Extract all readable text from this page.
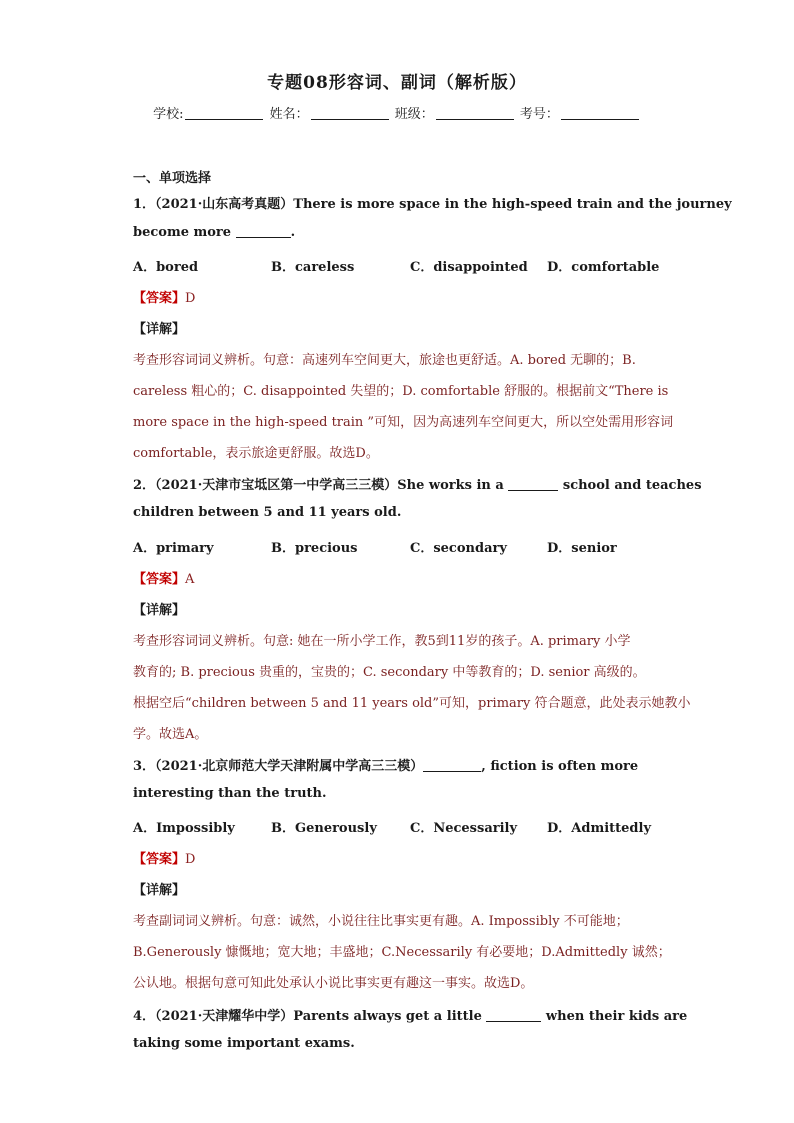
专题08形容词、副词（解析版）
学校:	姓名：	班级：	考号：
一、单项选择
1．（2021·山东高考真题）There is more space in the high-speed train and the journey
become more	.
A．bored	B．careless	C．disappointed D．comfortable
【答案】D
【详解】
考查形容词词义辨析。句意：高速列车空间更大，旅途也更舒适。A. bored 无聊的；B.
careless 粗心的；C. disappointed 失望的；D. comfortable 舒服的。根据前文“There is
more space in the high-speed train ”可知，因为高速列车空间更大，所以空处需用形容词
comfortable，表示旅途更舒服。故选D。
2．（2021·天津市宝坻区第一中学高三三模）She works in a	school and teaches
children between 5 and 11 years old.
A．primary	B．precious	C．secondary	D．senior
【答案】A
【详解】
考查形容词词义辨析。句意: 她在一所小学工作，教5到11岁的孩子。A. primary 小学
教育的; B. precious 贵重的，宝贵的；C. secondary 中等教育的；D. senior 高级的。
根据空后“children between 5 and 11 years old”可知，primary 符合题意，此处表示她教小
学。故选A。
3．（2021·北京师范大学天津附属中学高三三模）	, fiction is often more
interesting than the truth.
A．Impossibly	B．Generously	C．Necessarily D．Admittedly
【答案】D
【详解】
考查副词词义辨析。句意：诚然，小说往往比事实更有趣。A. Impossibly 不可能地；
B.Generously 慷慨地；宽大地；丰盛地；C.Necessarily 有必要地；D.Admittedly 诚然；
公认地。根据句意可知此处承认小说比事实更有趣这一事实。故选D。
4．（2021·天津耀华中学）Parents always get a little	when their kids are
taking some important exams.
